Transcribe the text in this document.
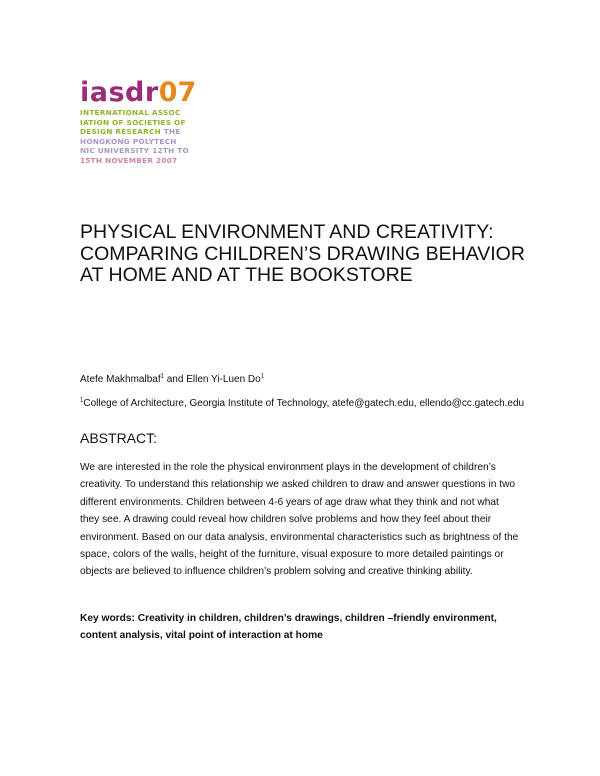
iasdr07
INTERNATIONAL ASSOC
IATION OF SOCIETIES OF
DESIGN RESEARCH THE
HONGKONG POLYTECH
NIC UNIVERSITY 12TH TO
15TH NOVEMBER 2007
PHYSICAL ENVIRONMENT AND CREATIVITY:
COMPARING CHILDREN’S DRAWING BEHAVIOR
AT HOME AND AT THE BOOKSTORE
Atefe Makhmalbaf$^1$ and Ellen Yi-Luen Do$^1$
$^1$College of Architecture, Georgia Institute of Technology, atefe@gatech.edu, ellendo@cc.gatech.edu
ABSTRACT:
We are interested in the role the physical environment plays in the development of children’s
creativity. To understand this relationship we asked children to draw and answer questions in two
different environments. Children between 4-6 years of age draw what they think and not what
they see. A drawing could reveal how children solve problems and how they feel about their
environment. Based on our data analysis, environmental characteristics such as brightness of the
space, colors of the walls, height of the furniture, visual exposure to more detailed paintings or
objects are believed to influence children’s problem solving and creative thinking ability.
Key words: Creativity in children, children’s drawings, children –friendly environment,
content analysis, vital point of interaction at home
